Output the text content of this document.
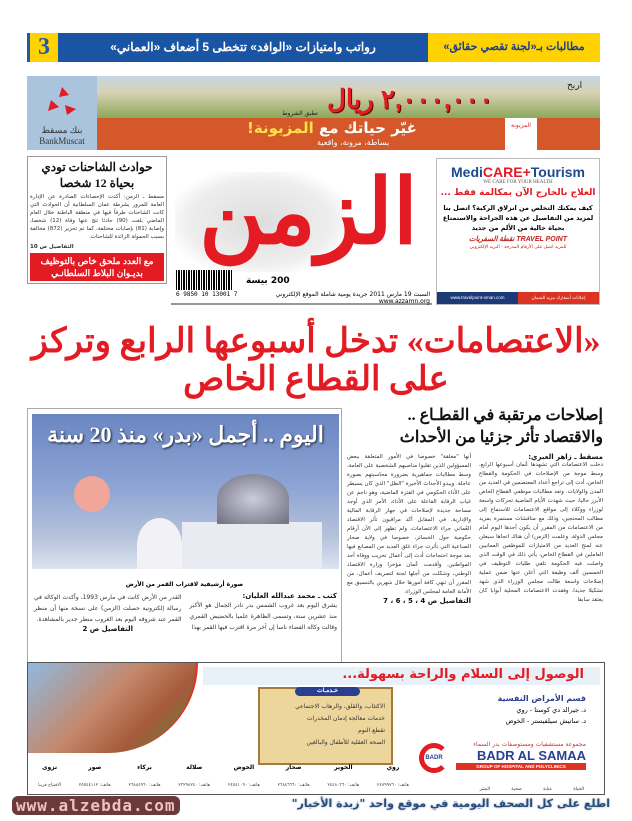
3	رواتب وامتيازات «الوافد» تتخطى 5 أضعاف «العماني»	مطالبات بـ«لجنة تقصي حقائق»
بنك مسقط
BankMuscat
اربح
٢,٠٠٠,٠٠٠ ريال
تطبق الشروط
غيّر حياتك مع المزيونة!
بساطة، مرونة، واقعية
المزيونة
حوادث الشاحنات تودي بحياة 12 شخصا

مسقط ـ الزمن: أكدت الإحصاءات الصادرة عن الإدارة العامة للمرور بشرطة عمان السلطانية أن الحوادث التي كانت الشاحنات طرفاً فيها في منطقة الباطنة خلال العام الماضي بلغت (90) حادثا نتج عنها وفاة (12) شخصا، وإصابة (81) بإصابات مختلفة، كما تم تحرير (872) مخالفة بسبب الحمولة الزائدة للشاحنات.

التفاصيل ص 10

مع العدد ملحق خاص بالتوظيف بديـوان البلاط السلطانـي
الزمن
200 بيسة
6 9850 10 13001 7	السبت 19 مارس 2011 جريدة يومية شاملة الموقع الإلكتروني www.azzamn.org
MediCARE+Tourism
WE CARE FOR YOUR HEALTH
العلاج بالخارج الآن بمكالمة فقط ...
كيف يمكنك التخلص من انزلاق الركبة؟ اتصل بنا لمزيد من التفاصيل عن هذه الجراحة والاستمتاع بحياة خالية من الألم من جديد
نقطة السفريات TRAVEL POINT
للمزيد اتصل على الأرقام المدرجة - البريد الإلكتروني
www.travelpoint-oman.com	إعلانات أسفارك مزيد الضمان
«الاعتصامات» تدخل أسبوعها الرابع وتركز على القطاع الخاص
اليوم .. أجمل «بدر» منذ 20 سنة
صورة أرشيفية لاقتراب القمر من الأرض
كتب ـ محمد عبدالله العليان:
يشرق اليوم بعد غروب الشمس بدر نادر الجمال هو الأكبر منذ عشرين سنة، وتسمى الظاهرة علميا بالحضيض القمري وقالت وكالة الفضاء ناسا إن آخر مرة اقترب فيها القمر بهذا
القدر من الأرض كانت في مارس 1993، وأكدت الوكالة في رسالة إلكترونية حصلت (الزمن) على نسخة منها أن منظر القمر عند شروقه اليوم بعد الغروب منظر جدير بالمشاهدة.
التفاصيل ص 2
إصلاحات مرتقبة في القطـاع .. والاقتصاد تأثر جزئيا من الأحداث
مسقط ـ زاهر العبري:
دخلت الاعتصامات التي تشهدها عُمان أسبوعها الرابع، وسط موجة من الإصلاحات في الحكومة والقطاع الخاص، أدت إلى تراجع أعداد المعتصمين في العديد من المدن والولايات. وتعد مطالبات موظفي القطاع الخاص الأبرز حاليا، حيث شهدت الأيام الماضية تحركات واسعة لوزراء ووكلاء إلى مواقع الاعتصامات للاستماع إلى مطالب المحتجين، وذلك مع مناقشات مستمرة بمزيد من الاعتصامات من المقرر أن يكون أحدها اليوم أمام مجلس الدولة. وعلمت (الزمن) أن هناك اتجاها سيعلن عنه لمنح العديد من الامتيازات للموظفين العمانيين العاملين في القطاع الخاص، يأتي ذلك في الوقت الذي واصلت فيه الحكومة تلقي طلبات التوظيف في الخمسين ألف وظيفة التي أعلن عنها ضمن عملية إصلاحات واسعة طالت مجلس الوزراء الذي شهد تشكيلا جديدا. وفقدت الاعتصامات المحلية أبوابا كان يعتقد سابقا
أنها "مغلقة" خصوصا في الأمور المتعلقة ببعض المسؤولين الذين تقلبوا مناصبهم الشخصية على العامة، وسط مطالبات جماهيرية بضرورة محاسبتهم بصورة عاجلة. ويبدو الأحداث الأخيرة "الظل" الذي كان يسيطر على الأداء الحكومي في الفترة الماضية، وهو ناجم عن غياب الرقابة الفاعلة على الأداء، الأمر الذي أوجد مساحة جديدة لإصلاحات في جهاز الرقابة المالية والإدارية. في المقابل أكد مراقبون تأثر الاقتصاد العُماني جراء الاعتصامات، ولم تظهر إلى الآن أرقام حكومية حول الخسائر، خصوصا في ولاية صحار الصناعية التي تأثرت جراء غلق العديد من المصانع فيها بعد موجة احتجاجات أدت إلى أعمال تخريب ووفاة أحد المواطنين. وأقدمت عُمان مؤخرا وزارة الاقتصاد الوطني، وشكلت من أجلها لجنة لتصريف أعمال، من المقرر أن تنهي كافة أمورها خلال شهرين بالتنسيق مع الأمانة العامة لمجلس الوزراء.
التفاصيل ص 4 ، 5 ، 6 ، 7
الوصول إلى السلام والراحة بسهولة...
خـدمـات

الاكتئاب، والقلق، والرهاب الاجتماعي

خدمات معالجة إدمان المخدرات

تقطع النوم

الصحة العقلية للأطفال والبالغين

قسم الأمراض النفسية
د. جيرالد دي كوستا - روي
د. ساتيش سيلفيستر - الخوض
BADR
مجموعة مستشفيات ومستوصفات بدر السماء
BADR AL SAMAA
GROUP OF HOSPITAL AND POLYCLINICS
الحياة عناية صحية البشر
روي
هاتف: ٢٤٧٩٩٧٦٠
الخوير
هاتف: ٢٤٤٨٠٣٦٠
صحار
هاتف: ٢٦٨٤٦٦٦٠
الخوض
هاتف: ٢٤٥٤١٠٩٠
صلالة
هاتف: ٢٣٢٩٨٢٤٠
بركاء
هاتف: ٢٦٨٨٤٩٦٠
صور
هاتف: ٢٥٥٤٤١١٢
نزوى
الافتتاح قريبا
www.alzebda.com	اطلع على كل الصحف اليومية في موقع واحد "زبدة الأخبار"
